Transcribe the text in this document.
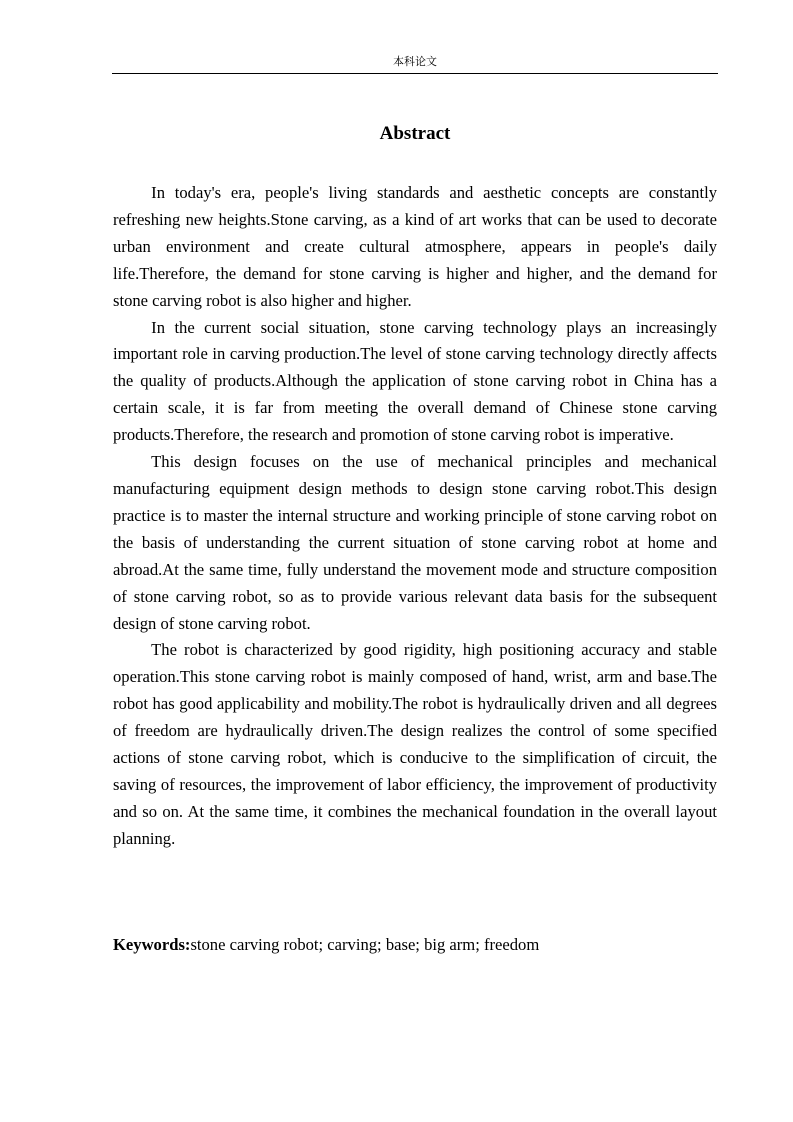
本科论文
Abstract

In today's era, people's living standards and aesthetic concepts are constantly refreshing new heights.Stone carving, as a kind of art works that can be used to decorate urban environment and create cultural atmosphere, appears in people's daily life.Therefore, the demand for stone carving is higher and higher, and the demand for stone carving robot is also higher and higher.

In the current social situation, stone carving technology plays an increasingly important role in carving production.The level of stone carving technology directly affects the quality of products.Although the application of stone carving robot in China has a certain scale, it is far from meeting the overall demand of Chinese stone carving products.Therefore, the research and promotion of stone carving robot is imperative.

This design focuses on the use of mechanical principles and mechanical manufacturing equipment design methods to design stone carving robot.This design practice is to master the internal structure and working principle of stone carving robot on the basis of understanding the current situation of stone carving robot at home and abroad.At the same time, fully understand the movement mode and structure composition of stone carving robot, so as to provide various relevant data basis for the subsequent design of stone carving robot.

The robot is characterized by good rigidity, high positioning accuracy and stable operation.This stone carving robot is mainly composed of hand, wrist, arm and base.The robot has good applicability and mobility.The robot is hydraulically driven and all degrees of freedom are hydraulically driven.The design realizes the control of some specified actions of stone carving robot, which is conducive to the simplification of circuit, the saving of resources, the improvement of labor efficiency, the improvement of productivity and so on. At the same time, it combines the mechanical foundation in the overall layout planning.

Keywords:stone carving robot; carving; base; big arm; freedom
